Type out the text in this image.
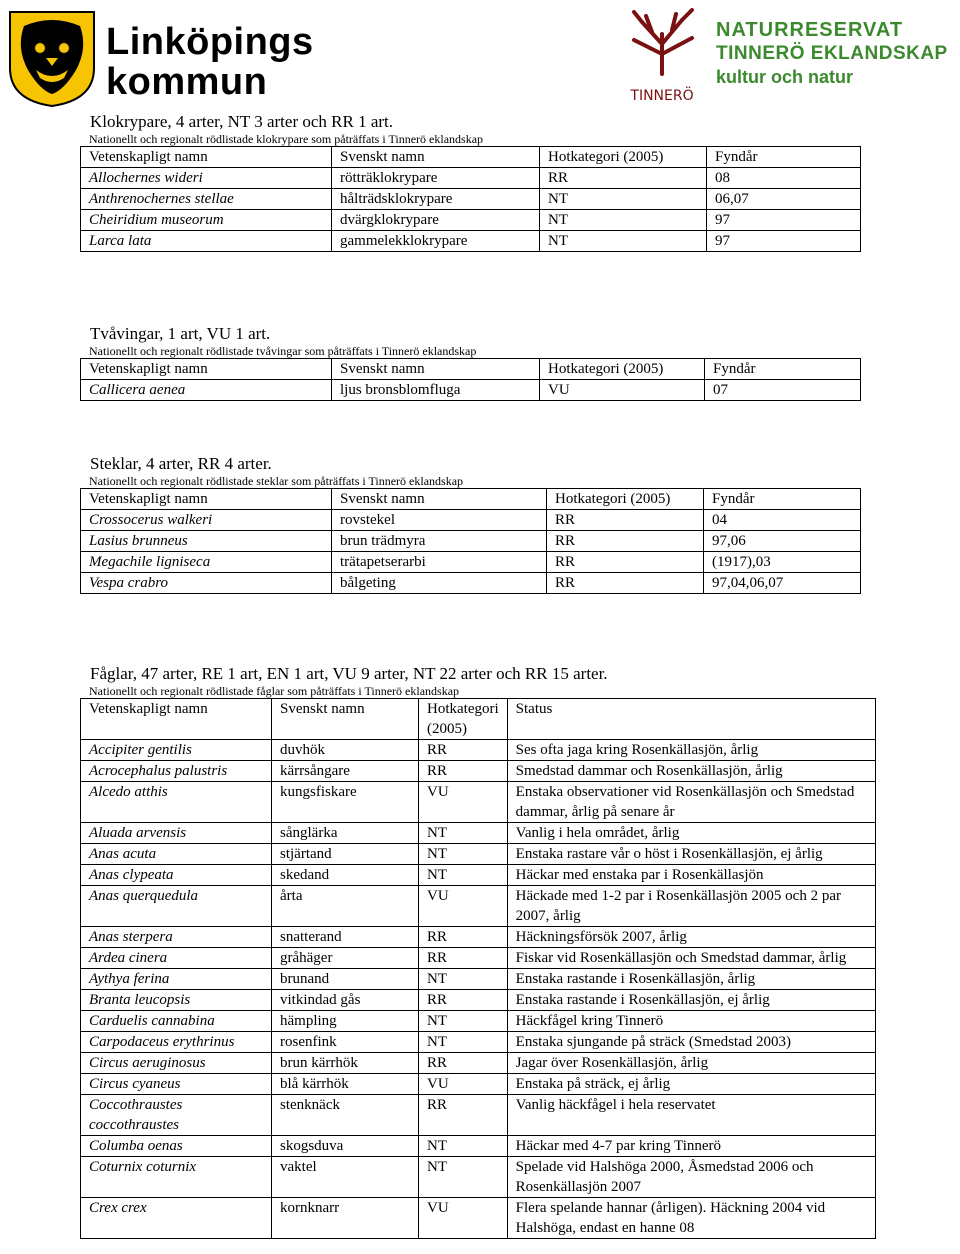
Linköpings
kommun	TINNERÖ
NATURRESERVAT
TINNERÖ EKLANDSKAP
kultur och natur
Klokrypare, 4 arter, NT 3 arter och RR 1 art.
Nationellt och regionalt rödlistade klokrypare som påträffats i Tinnerö eklandskap
Vetenskapligt namn	Svenskt namn	Hotkategori (2005)	Fyndår
Allochernes wideri	rötträklokrypare	RR	08
Anthrenochernes stellae	hålträdsklokrypare	NT	06,07
Cheiridium museorum	dvärgklokrypare	NT	97
Larca lata	gammelekklokrypare	NT	97
Tvåvingar, 1 art, VU 1 art.
Nationellt och regionalt rödlistade tvåvingar som påträffats i Tinnerö eklandskap
Vetenskapligt namn	Svenskt namn	Hotkategori (2005)	Fyndår
Callicera aenea	ljus bronsblomfluga	VU	07
Steklar, 4 arter, RR 4 arter.
Nationellt och regionalt rödlistade steklar som påträffats i Tinnerö eklandskap
Vetenskapligt namn	Svenskt namn	Hotkategori (2005)	Fyndår
Crossocerus walkeri	rovstekel	RR	04
Lasius brunneus	brun trädmyra	RR	97,06
Megachile ligniseca	trätapetserarbi	RR	(1917),03
Vespa crabro	bålgeting	RR	97,04,06,07
Fåglar, 47 arter, RE 1 art, EN 1 art, VU 9 arter, NT 22 arter och RR 15 arter.
Nationellt och regionalt rödlistade fåglar som påträffats i Tinnerö eklandskap
Vetenskapligt namn	Svenskt namn	Hotkategori (2005)	Status
Accipiter gentilis	duvhök	RR	Ses ofta jaga kring Rosenkällasjön, årlig
Acrocephalus palustris	kärrsångare	RR	Smedstad dammar och Rosenkällasjön, årlig
Alcedo atthis	kungsfiskare	VU	Enstaka observationer vid Rosenkällasjön och Smedstad dammar, årlig på senare år
Aluada arvensis	sånglärka	NT	Vanlig i hela området, årlig
Anas acuta	stjärtand	NT	Enstaka rastare vår o höst i Rosenkällasjön, ej årlig
Anas clypeata	skedand	NT	Häckar med enstaka par i Rosenkällasjön
Anas querquedula	årta	VU	Häckade med 1-2 par i Rosenkällasjön 2005 och 2 par 2007, årlig
Anas sterpera	snatterand	RR	Häckningsförsök 2007, årlig
Ardea cinera	gråhäger	RR	Fiskar vid Rosenkällasjön och Smedstad dammar, årlig
Aythya ferina	brunand	NT	Enstaka rastande i Rosenkällasjön, årlig
Branta leucopsis	vitkindad gås	RR	Enstaka rastande i Rosenkällasjön, ej årlig
Carduelis cannabina	hämpling	NT	Häckfågel kring Tinnerö
Carpodaceus erythrinus	rosenfink	NT	Enstaka sjungande på sträck (Smedstad 2003)
Circus aeruginosus	brun kärrhök	RR	Jagar över Rosenkällasjön, årlig
Circus cyaneus	blå kärrhök	VU	Enstaka på sträck, ej årlig
Coccothraustes coccothraustes	stenknäck	RR	Vanlig häckfågel i hela reservatet
Columba oenas	skogsduva	NT	Häckar med 4-7 par kring Tinnerö
Coturnix coturnix	vaktel	NT	Spelade vid Halshöga 2000, Åsmedstad 2006 och Rosenkällasjön 2007
Crex crex	kornknarr	VU	Flera spelande hannar (årligen). Häckning 2004 vid Halshöga, endast en hanne 08
